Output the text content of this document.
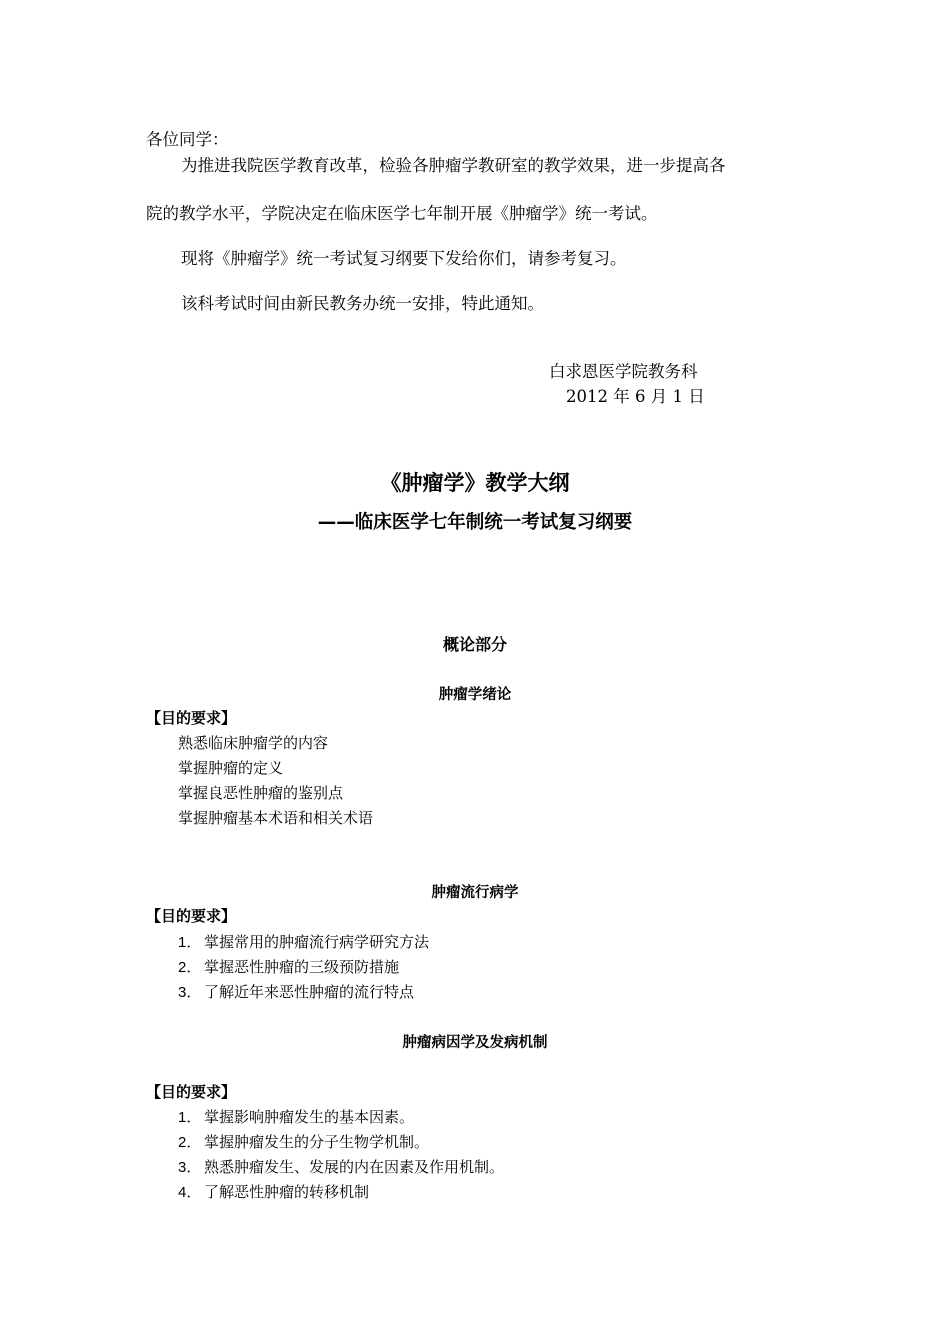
各位同学：
为推进我院医学教育改革，检验各肿瘤学教研室的教学效果，进一步提高各
院的教学水平，学院决定在临床医学七年制开展《肿瘤学》统一考试。
现将《肿瘤学》统一考试复习纲要下发给你们，请参考复习。
该科考试时间由新民教务办统一安排，特此通知。
白求恩医学院教务科
2012 年 6 月 1 日
《肿瘤学》教学大纲
——临床医学七年制统一考试复习纲要
概论部分
肿瘤学绪论
【目的要求】
熟悉临床肿瘤学的内容
掌握肿瘤的定义
掌握良恶性肿瘤的鉴别点
掌握肿瘤基本术语和相关术语
肿瘤流行病学
【目的要求】
1． 掌握常用的肿瘤流行病学研究方法
2． 掌握恶性肿瘤的三级预防措施
3． 了解近年来恶性肿瘤的流行特点
肿瘤病因学及发病机制
【目的要求】
1． 掌握影响肿瘤发生的基本因素。
2． 掌握肿瘤发生的分子生物学机制。
3． 熟悉肿瘤发生、发展的内在因素及作用机制。
4． 了解恶性肿瘤的转移机制
